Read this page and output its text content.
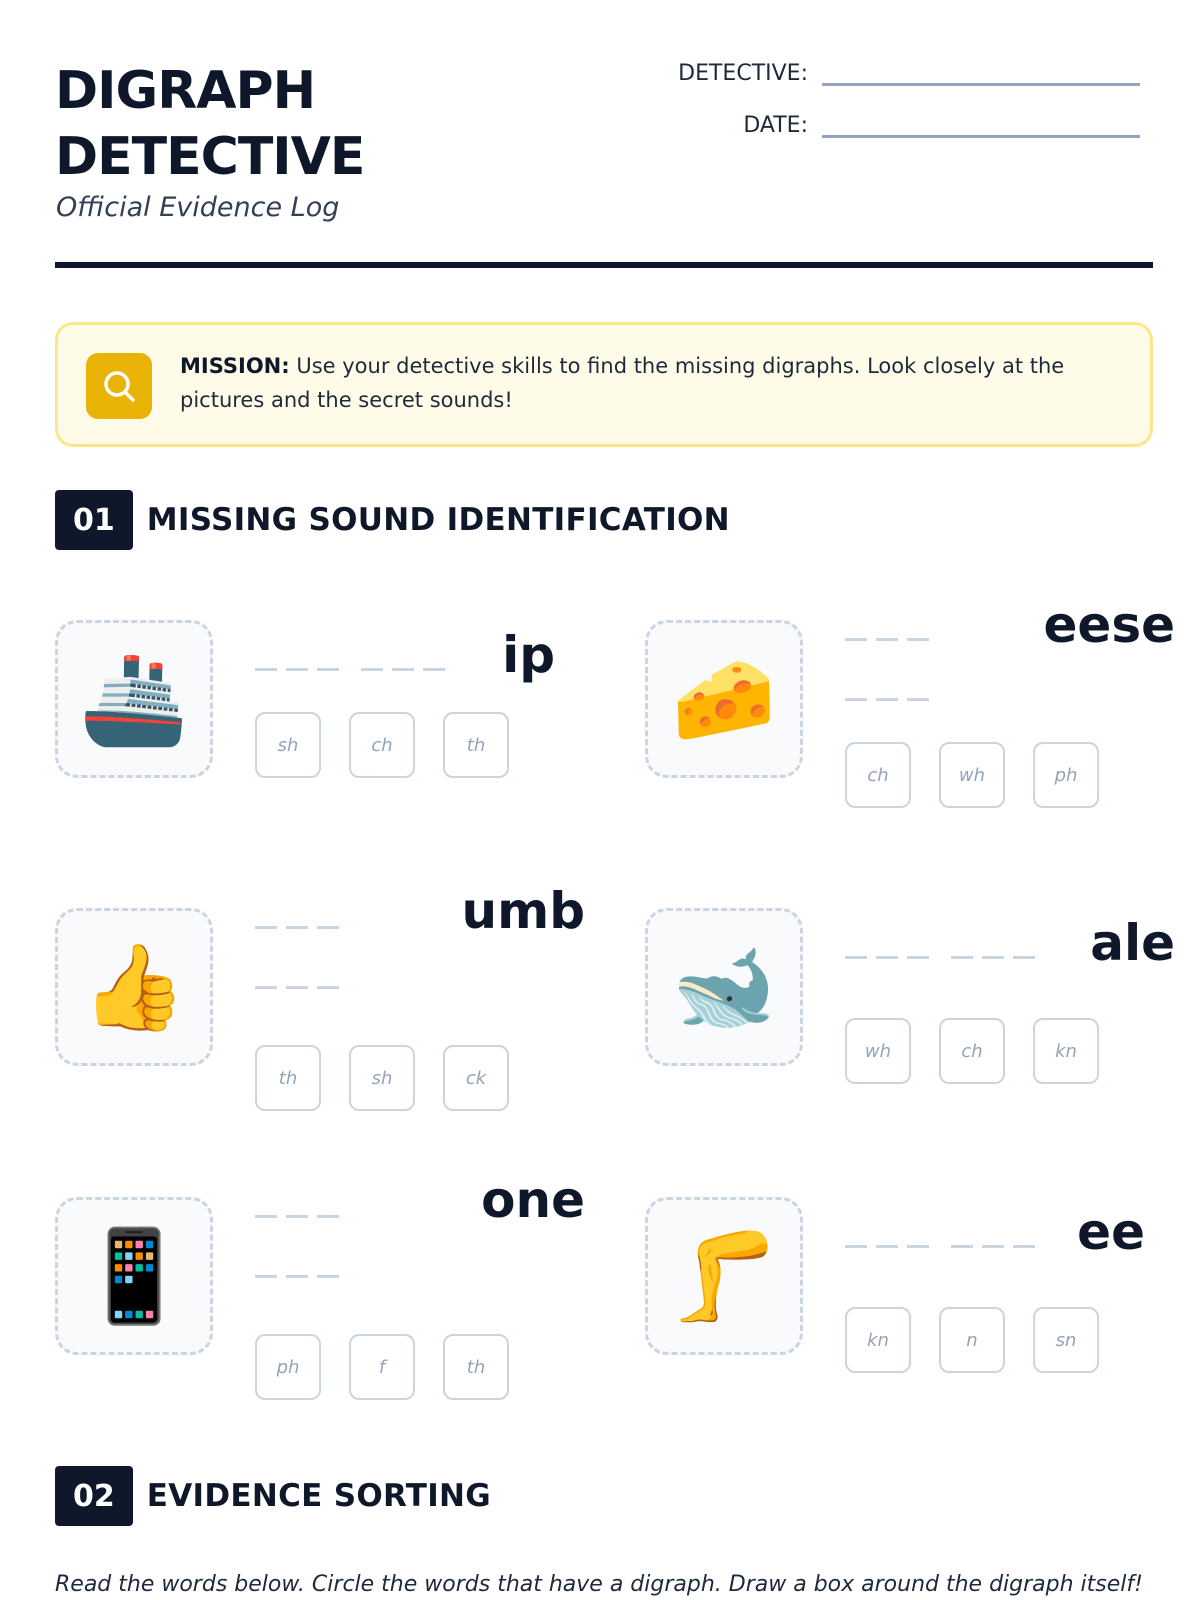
DIGRAPH
DETECTIVE
Official Evidence Log
DETECTIVE:
DATE:
MISSION: Use your detective skills to find the missing digraphs. Look closely at the pictures and the secret sounds!
01	MISSING SOUND IDENTIFICATION
🚢	ip
sh	ch	th 🧀
eese
ch	wh	ph
👍
umb
th	sh	ck
🐋	ale
wh	ch	kn
📱
one
ph	f	th
🦵	ee
kn	n	sn
02	EVIDENCE SORTING
Read the words below. Circle the words that have a digraph. Draw a box around the digraph itself!
